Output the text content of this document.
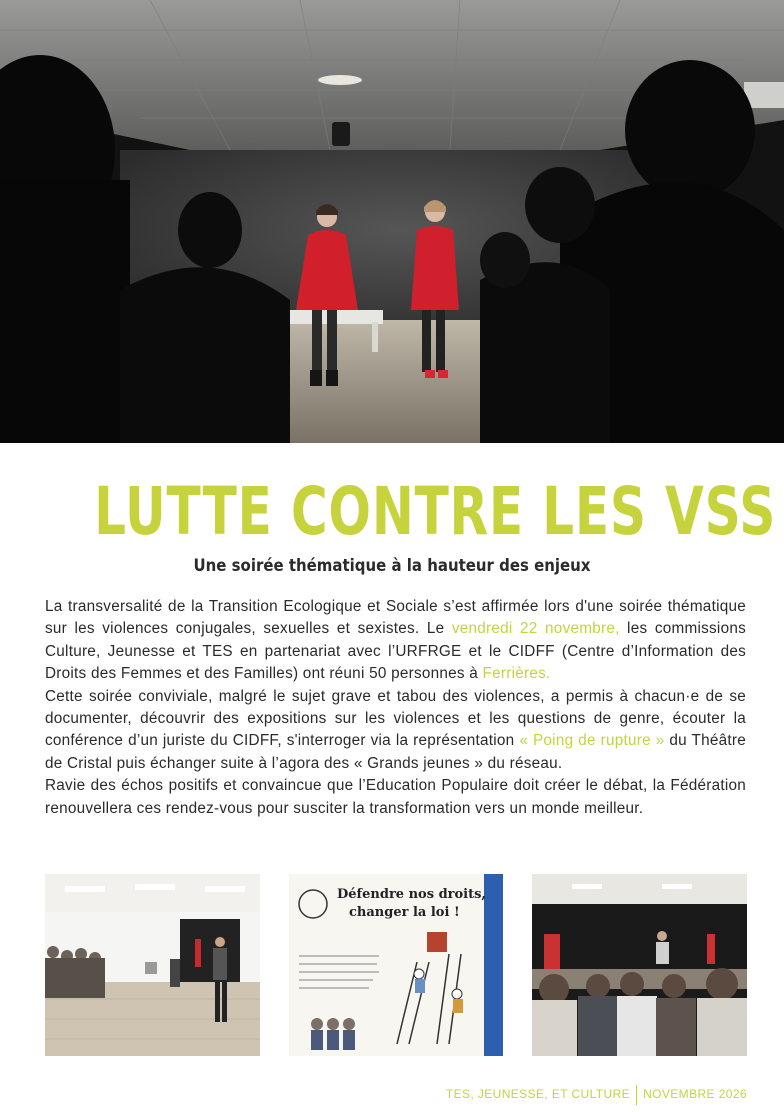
LUTTE CONTRE LES VSS
Une soirée thématique à la hauteur des enjeux

La transversalité de la Transition Ecologique et Sociale s’est affirmée lors d'une soirée thématique sur les violences conjugales, sexuelles et sexistes. Le vendredi 22 novembre, les commissions Culture, Jeunesse et TES en partenariat avec l’URFRGE et le CIDFF (Centre d’Information des Droits des Femmes et des Familles) ont réuni 50 personnes à Ferrières.

Cette soirée conviviale, malgré le sujet grave et tabou des violences, a permis à chacun·e de se documenter, découvrir des expositions sur les violences et les questions de genre, écouter la conférence d’un juriste du CIDFF, s'interroger via la représentation « Poing de rupture » du Théâtre de Cristal puis échanger suite à l’agora des « Grands jeunes » du réseau.

Ravie des échos positifs et convaincue que l’Education Populaire doit créer le débat, la Fédération renouvellera ces rendez-vous pour susciter la transformation vers un monde meilleur.

Défendre nos droits,
changer la loi !
TES, JEUNESSE, ET CULTURE NOVEMBRE 2026
